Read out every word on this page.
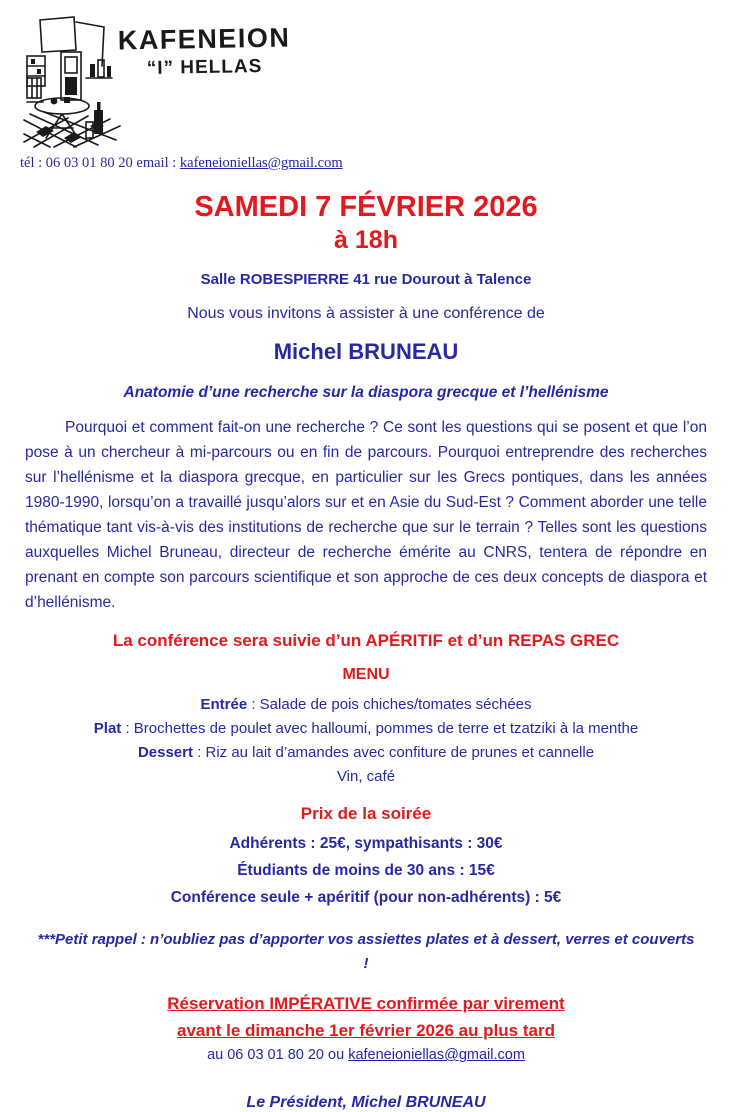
KAFENEION
“I” HELLAS
tél : 06 03 01 80 20 email : kafeneioniellas@gmail.com
SAMEDI 7 FÉVRIER 2026
à 18h
Salle ROBESPIERRE 41 rue Dourout à Talence
Nous vous invitons à assister à une conférence de
Michel BRUNEAU
Anatomie d’une recherche sur la diaspora grecque et l’hellénisme
Pourquoi et comment fait-on une recherche ? Ce sont les questions qui se posent et que l’on pose à un chercheur à mi-parcours ou en fin de parcours. Pourquoi entreprendre des recherches sur l’hellénisme et la diaspora grecque, en particulier sur les Grecs pontiques, dans les années 1980-1990, lorsqu’on a travaillé jusqu’alors sur et en Asie du Sud-Est ? Comment aborder une telle thématique tant vis-à-vis des institutions de recherche que sur le terrain ? Telles sont les questions auxquelles Michel Bruneau, directeur de recherche émérite au CNRS, tentera de répondre en prenant en compte son parcours scientifique et son approche de ces deux concepts de diaspora et d’hellénisme.
La conférence sera suivie d’un APÉRITIF et d’un REPAS GREC
MENU
Entrée : Salade de pois chiches/tomates séchées
Plat : Brochettes de poulet avec halloumi, pommes de terre et tzatziki à la menthe
Dessert : Riz au lait d’amandes avec confiture de prunes et cannelle
Vin, café
Prix de la soirée
Adhérents : 25€, sympathisants : 30€
Étudiants de moins de 30 ans : 15€
Conférence seule + apéritif (pour non-adhérents) : 5€
***Petit rappel : n’oubliez pas d’apporter vos assiettes plates et à dessert, verres et couverts !
Réservation IMPÉRATIVE confirmée par virement
avant le dimanche 1er février 2026 au plus tard
au 06 03 01 80 20 ou kafeneioniellas@gmail.com
Le Président, Michel BRUNEAU
